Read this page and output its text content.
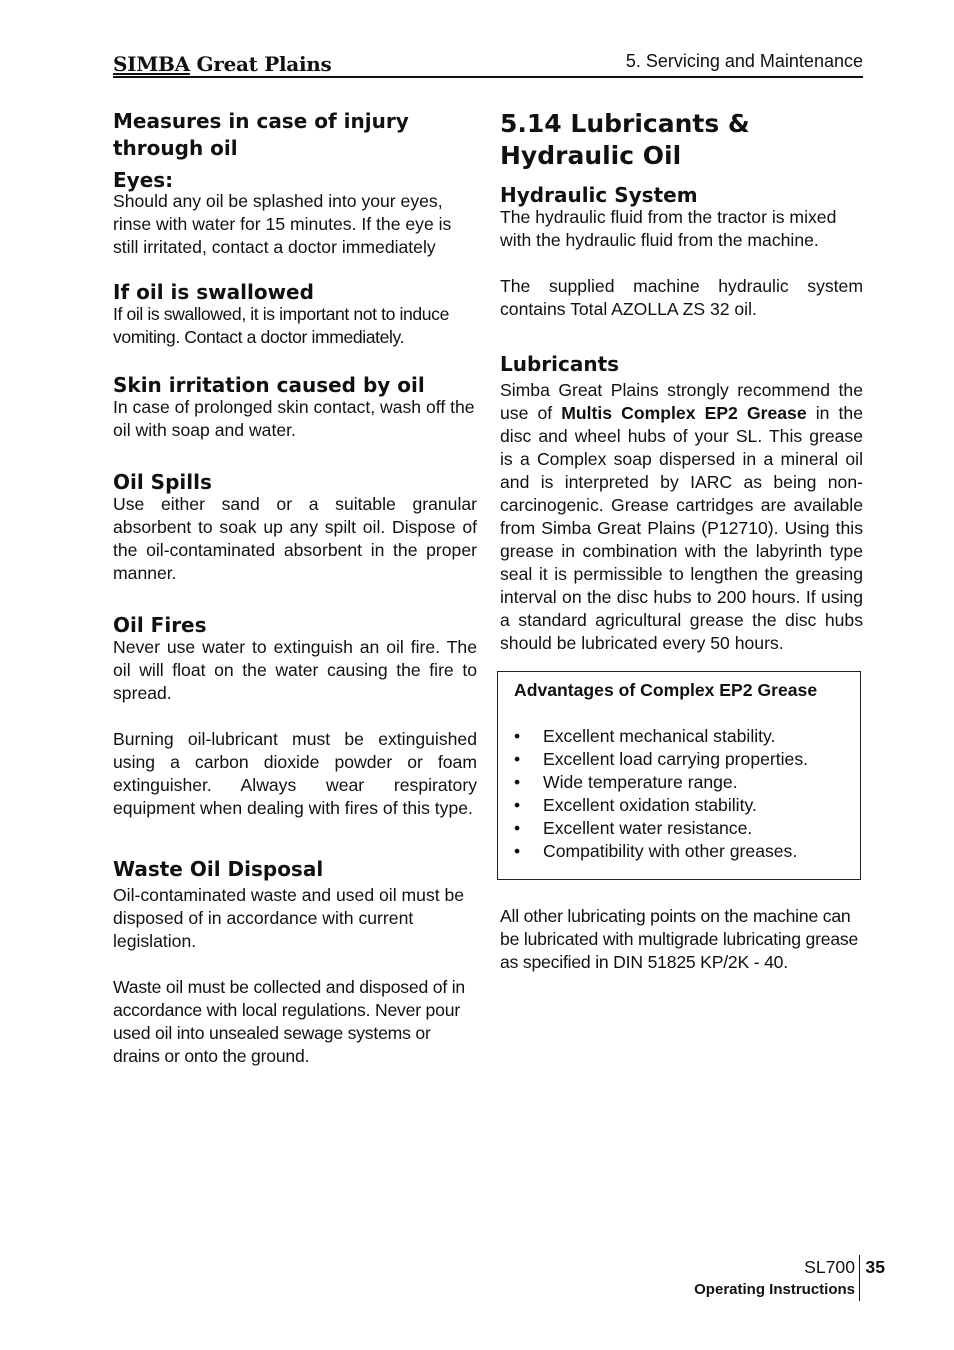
SIMBA Great Plains	5. Servicing and Maintenance
Measures in case of injury through oil
Eyes:

Should any oil be splashed into your eyes, rinse with water for 15 minutes. If the eye is still irritated, contact a doctor immediately

If oil is swallowed

If oil is swallowed, it is important not to induce vomiting. Contact a doctor immediately.

Skin irritation caused by oil

In case of prolonged skin contact, wash off the oil with soap and water.

Oil Spills

Use either sand or a suitable granular absorbent to soak up any spilt oil. Dispose of the oil-contaminated absorbent in the proper manner.

Oil Fires

Never use water to extinguish an oil fire. The oil will float on the water causing the fire to spread.

Burning oil-lubricant must be extinguished using a carbon dioxide powder or foam extinguisher. Always wear respiratory equipment when dealing with fires of this type.

Waste Oil Disposal

Oil-contaminated waste and used oil must be disposed of in accordance with current legislation.

Waste oil must be collected and disposed of in accordance with local regulations. Never pour used oil into unsealed sewage systems or drains or onto the ground.

5.14 Lubricants & Hydraulic Oil
Hydraulic System

The hydraulic fluid from the tractor is mixed with the hydraulic fluid from the machine.

The supplied machine hydraulic system contains Total AZOLLA ZS 32 oil.

Lubricants

Simba Great Plains strongly recommend the use of Multis Complex EP2 Grease in the disc and wheel hubs of your SL. This grease is a Complex soap dispersed in a mineral oil and is interpreted by IARC as being non-carcinogenic. Grease cartridges are available from Simba Great Plains (P12710). Using this grease in combination with the labyrinth type seal it is permissible to lengthen the greasing interval on the disc hubs to 200 hours. If using a standard agricultural grease the disc hubs should be lubricated every 50 hours.

Advantages of Complex EP2 Grease
• Excellent mechanical stability.
• Excellent load carrying properties.
• Wide temperature range.
• Excellent oxidation stability.
• Excellent water resistance.
• Compatibility with other greases.

All other lubricating points on the machine can be lubricated with multigrade lubricating grease as specified in DIN 51825 KP/2K - 40.

SL700 35
Operating Instructions
